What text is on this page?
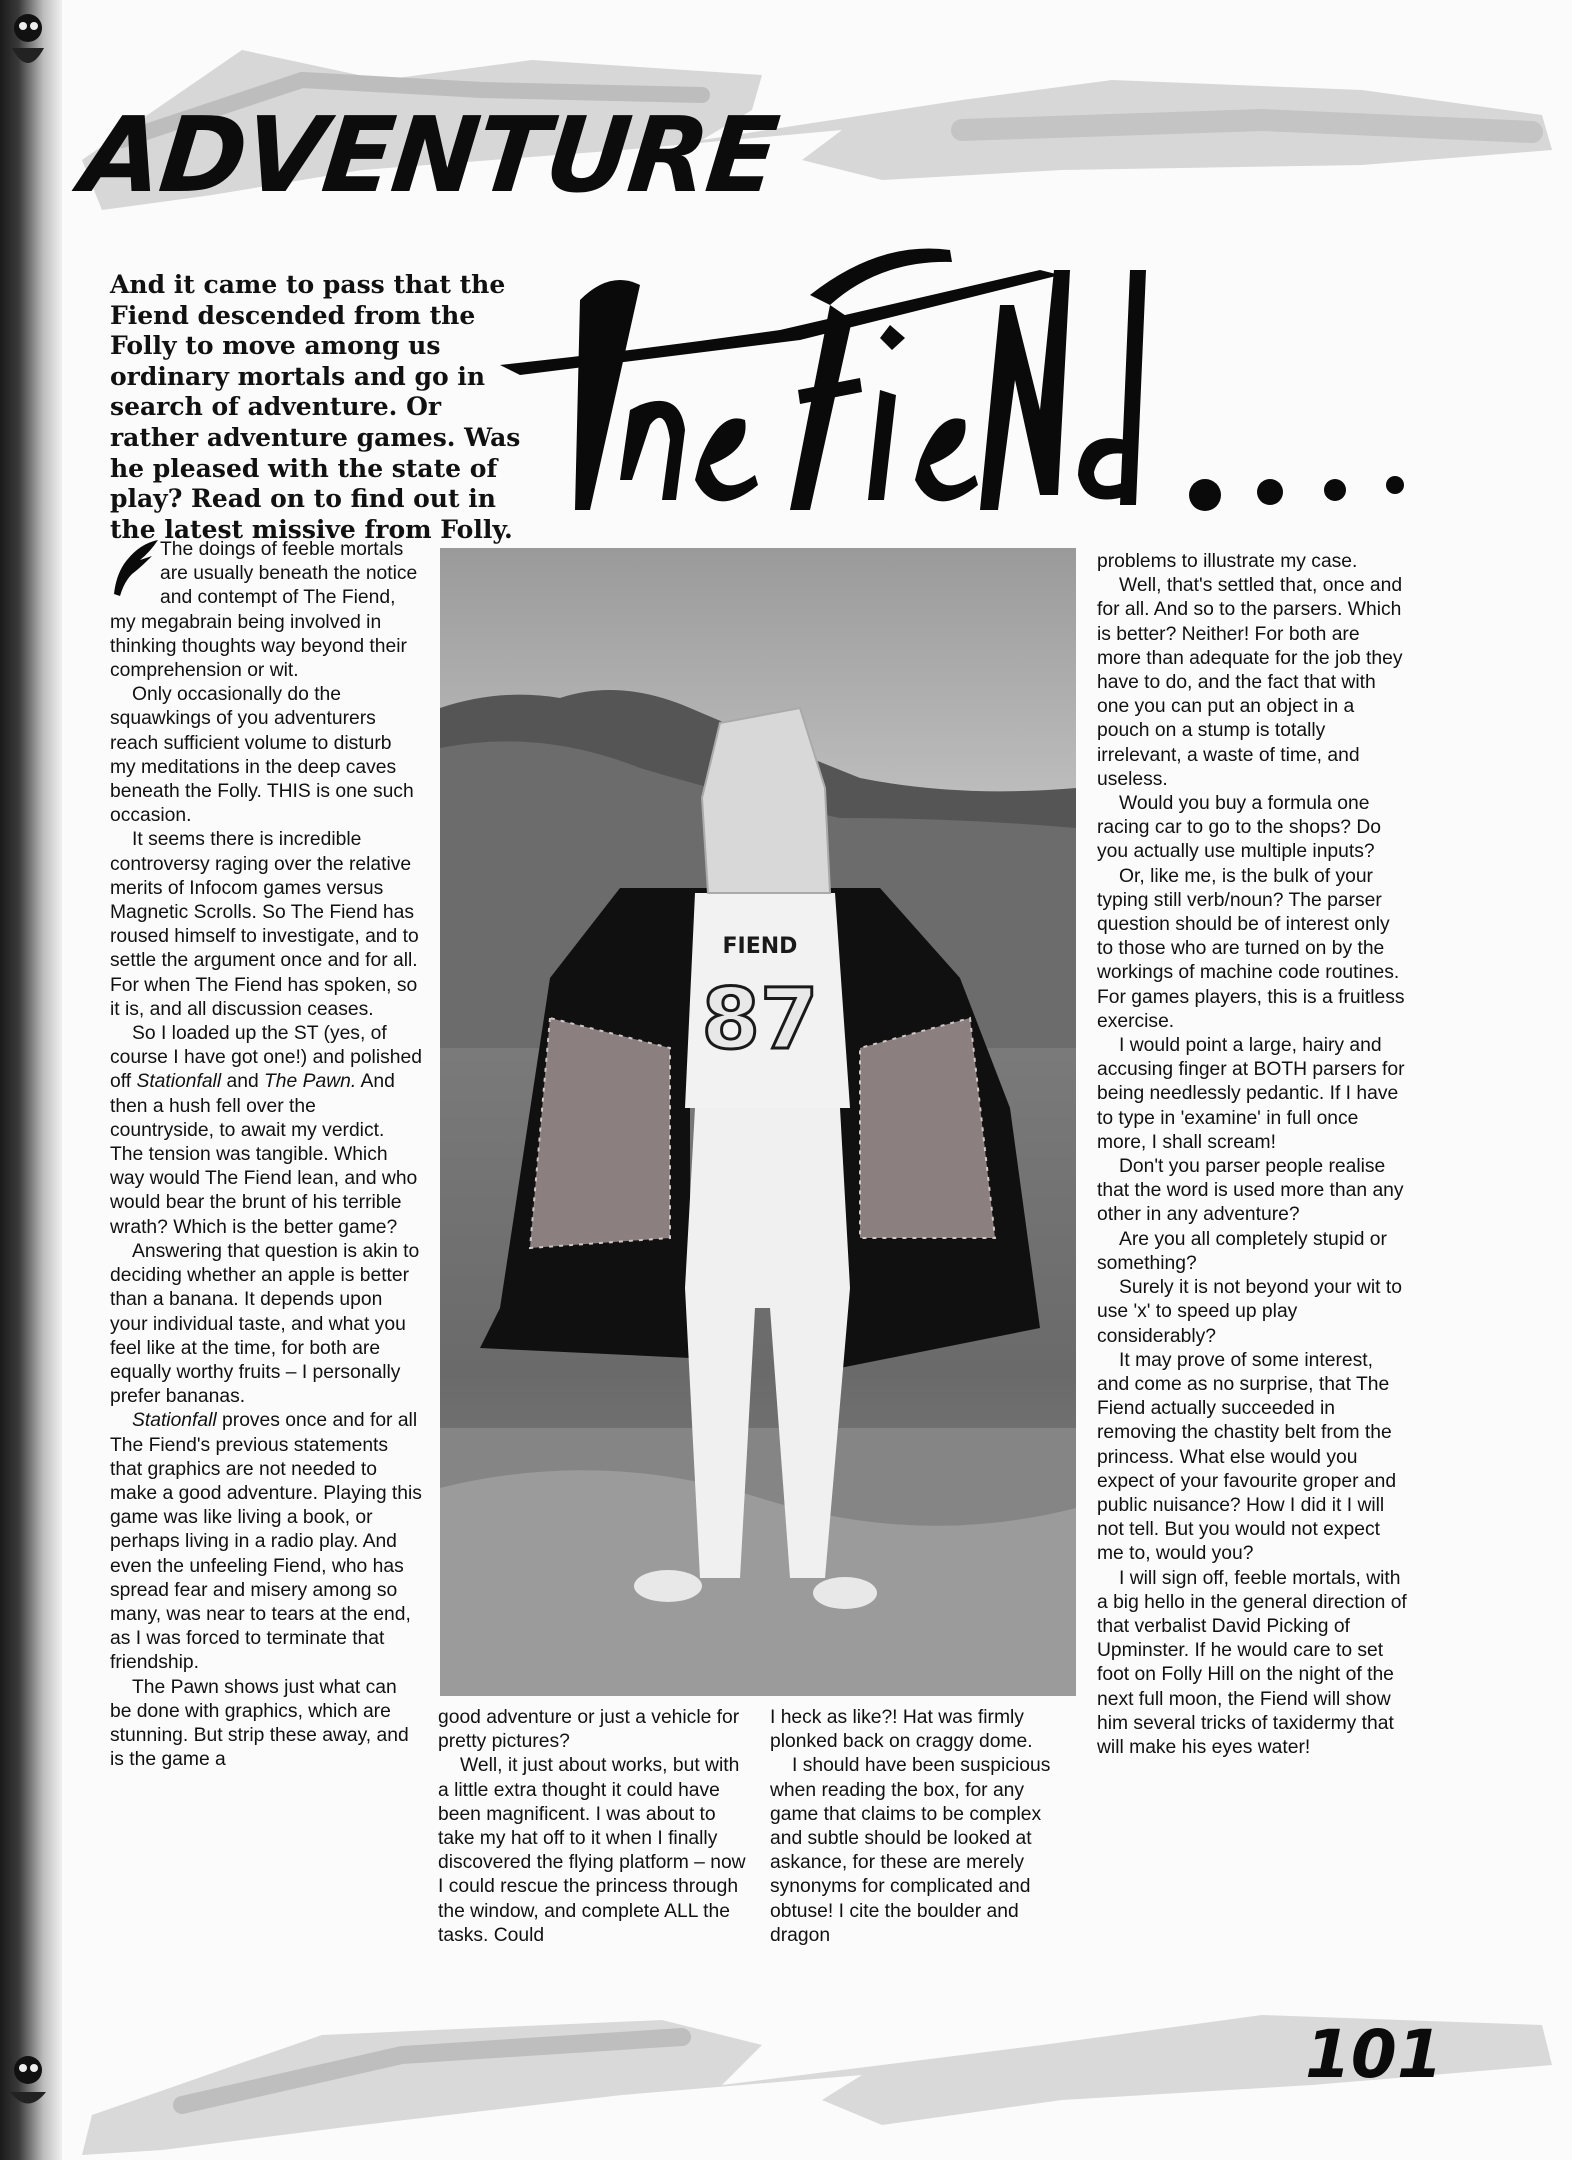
ADVENTURE
And it came to pass that the Fiend descended from the Folly to move among us ordinary mortals and go in search of adventure. Or rather adventure games. Was he pleased with the state of play? Read on to find out in the latest missive from Folly.
FIEND
87

The doings of feeble mortals are usually beneath the notice and contempt of The Fiend, my megabrain being involved in thinking thoughts way beyond their comprehension or wit.

Only occasionally do the squawkings of you adventurers reach sufficient volume to disturb my meditations in the deep caves beneath the Folly. THIS is one such occasion.

It seems there is incredible controversy raging over the relative merits of Infocom games versus Magnetic Scrolls. So The Fiend has roused himself to investigate, and to settle the argument once and for all. For when The Fiend has spoken, so it is, and all discussion ceases.

So I loaded up the ST (yes, of course I have got one!) and polished off Stationfall and The Pawn. And then a hush fell over the countryside, to await my verdict. The tension was tangible. Which way would The Fiend lean, and who would bear the brunt of his terrible wrath? Which is the better game?

Answering that question is akin to deciding whether an apple is better than a banana. It depends upon your individual taste, and what you feel like at the time, for both are equally worthy fruits – I personally prefer bananas.

Stationfall proves once and for all The Fiend's previous statements that graphics are not needed to make a good adventure. Playing this game was like living a book, or perhaps living in a radio play. And even the unfeeling Fiend, who has spread fear and misery among so many, was near to tears at the end, as I was forced to terminate that friendship.

The Pawn shows just what can be done with graphics, which are stunning. But strip these away, and is the game a

good adventure or just a vehicle for pretty pictures?

Well, it just about works, but with a little extra thought it could have been magnificent. I was about to take my hat off to it when I finally discovered the flying platform – now I could rescue the princess through the window, and complete ALL the tasks. Could

I heck as like?! Hat was firmly plonked back on craggy dome.

I should have been suspicious when reading the box, for any game that claims to be complex and subtle should be looked at askance, for these are merely synonyms for complicated and obtuse! I cite the boulder and dragon

problems to illustrate my case.

Well, that's settled that, once and for all. And so to the parsers. Which is better? Neither! For both are more than adequate for the job they have to do, and the fact that with one you can put an object in a pouch on a stump is totally irrelevant, a waste of time, and useless.

Would you buy a formula one racing car to go to the shops? Do you actually use multiple inputs?

Or, like me, is the bulk of your typing still verb/noun? The parser question should be of interest only to those who are turned on by the workings of machine code routines. For games players, this is a fruitless exercise.

I would point a large, hairy and accusing finger at BOTH parsers for being needlessly pedantic. If I have to type in 'examine' in full once more, I shall scream!

Don't you parser people realise that the word is used more than any other in any adventure?

Are you all completely stupid or something?

Surely it is not beyond your wit to use 'x' to speed up play considerably?

It may prove of some interest, and come as no surprise, that The Fiend actually succeeded in removing the chastity belt from the princess. What else would you expect of your favourite groper and public nuisance? How I did it I will not tell. But you would not expect me to, would you?

I will sign off, feeble mortals, with a big hello in the general direction of that verbalist David Picking of Upminster. If he would care to set foot on Folly Hill on the night of the next full moon, the Fiend will show him several tricks of taxidermy that will make his eyes water!

101
